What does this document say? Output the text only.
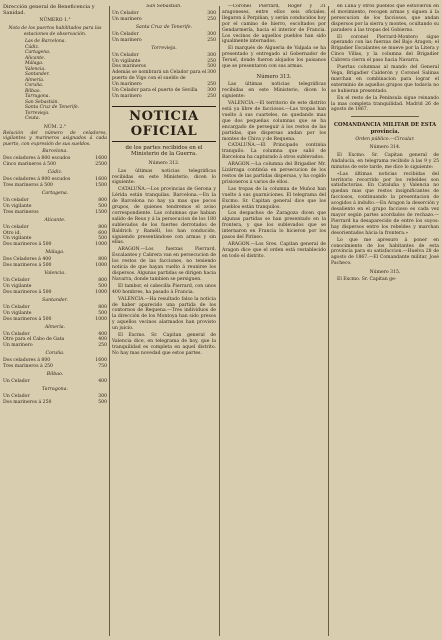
Dirección general de Beneficencia y Sanidad.
NÚMERO 1.°
Nota de los puertos habilitados para las estaciones de observación.
Las de Barcelona.
Cádiz.
Cartagena.
Alicante.
Málaga.
Valencia.
Santander.
Almería.
Coruña.
Bilbao.
Tarragona.
San Sebastián.
Santa Cruz de Tenerife.
Torrevieja.
Ceuta.
NÚM. 2.°
Relación del número de celadores, vigilantes y marineros asignados á cada puerto, con expresión de sus sueldos.
Barcelona.
Dos celadores á 800 escudos	1600
Cinco marineros á 500	2500
Cádiz.
Dos celadores á 800 escudos	1600
Tres marineros á 500	1500
Cartagena.
Un celador	800
Un vigilante	500
Tres marineros	1500
Alicante.
Un celador	800
Otro id.	600
Un vigilante	500
Dos marineros á 500	1000
Málaga.
Dos Celadores á 400	800
Dos marineros á 500	1000
Valencia.
Un Celador	800
Un vigilante	500
Dos marineros á 500	1000
Santander.
Un Celador	800
Un vigilante	500
Dos marineros á 500	1000
Almería.
Un Celador	400
Otro para el Cabo de Gata	400
Un marinero	250
Coruña.
Dos celadores á 800	1600
Tres marineros á 250	750
Bilbao.
Un Celador	400
Tarragona.
Un Celador	300
Dos marineros á 250	500
San Sebastián.
Un Celador	300
Un marinero	250
Santa Cruz de Tenerife.
Un Celador	300
Un marinero	250
Torrevieja.
Un Celador	300
Un vigilante	250
Dos marineros	500
Además se nombrará un Celador para el puerto de Vigo con el sueldo de
300
Un marinero	250
Un Celador para el puerto de Sevilla 300
Un marinero	250
NOTICIA OFICIAL
de los partes recibidos en el Ministerio de la Guerra.
Número 312.
Las últimas noticias telegráficas recibidas en este Ministerio, dicen lo siguiente:
CATALUÑA.—Los provincias de Gerona y Lérida están tranquilas. Barcelona.—En la de Barcelona no hay ya mas que pocos grupos, de quienes tendremos el aviso correspondiente. Las columnas que habian salido de Reus y á la persecucion de los 180 sublevados de los fuertes derrotados de Baldrich y Raméll, los han conducido, siguiendo presentándose con armas y sin ellas.
ARAGON.—Los fuerzas Pierrard, Escalantes y Cabrera van en persecucion de los restos de las facciones, no teniendo noticia de que hayan vuelto á reunirse los dispersos. Algunas partidas se dirigen hacia Navarra, donde tambien se persiguen.
El tambor, el cabecilla Pierrard, con unos 400 hombres, ha pasado á Francia.
VALENCIA.—Ha resultado falso la noticia de haber aparecido una partida de los contornos de Requena.—Tres individuos de la dirección de los Montoya han sido presos y aquellos vecinos alarmados han provisto un juicio.
El Excmo. Sr. Capitan general de Valencia dice, en telegrama de hoy, que la tranquilidad es completa en aquel distrito. No hay mas novedad que estos partes.
—Coronel Pierrard, Roger y 31 aragoneses, entre ellos seis oficiales, llegaron á Perpiñan, y serán conducidos hoy por el camino de hierro, escoltados por Gendarmería, hacia el interior de Francia. Los vecinos de aquellos pueblos han sido igualmente internados.
El marqués de Algueria de Valpala se ha presentado y entregado al Gobernador de Teruel, donde fueron alojados los paisanos que se presentaron con sus armas.
Número 313.
Las últimas noticias telegráficas recibidas en este Ministerio, dicen lo siguiente:
VALENCIA.—El territorio de este distrito está ya libre de facciosos.—Las tropas han vuelto á sus cuarteles, no quedando mas que dos pequeñas columnas que se ha encargado de perseguir á los restos de las partidas, que dispersas andan por los montes de Chiva y de Requena.
CATALUÑA.—El Principado continúa tranquilo. La columna que salió de Barcelona ha capturado á otros sublevados.
ARAGON.—La columna del Brigadier Mr. Lizárraga continúa en persecucion de los restos de las partidas dispersas, y ha cogido prisioneros á varios de ellos.
Las tropas de la columna de Muñoz han vuelto á sus guarniciones. El telegrama del Excmo. Sr. Capitan general dice que los pueblos están tranquilos.
Los despachos de Zaragoza dicen que algunas partidas se han presentado en la frontera, y que los sublevados que se internaron en Francia lo hicieron por los pasos del Pirineo.
ARAGON.—Los Sres. Capitan general de Aragon dice que el orden está restablecido en todo el distrito.
en Luna y otros pueblos que estuvieron en el movimiento, recogen armas y siguen á la persecucion de los facciosos, que andan dispersos por la sierra y montes, ocultando su paradero á las tropas del Gobierno.
El coronel Pierrard-Montero sigue operando con las fuerzas del Bajo Aragon; el Brigadier Escalantes se mueve por la Litera y Cinco Villas, y la columna del Brigadier Cabrera cierra el paso hacia Navarra.
Puertas columnas al mando del General Vega, Brigadier Calderón y Coronel Salinas marchan en combinacion para lograr el exterminio de aquellos grupos que todavía no se hubieran presentado.
En el resto de la Península sigue reinando la mas completa tranquilidad. Madrid 26 de agosto de 1867.
COMANDANCIA MILITAR DE ESTA provincia.
Orden público.—Circular.
Número 314.
El Excmo. Sr. Capitan general de Andalucía, en telegrama recibido á las 9 y 25 minutos de este tarde, me dice lo siguiente:
«Las últimas noticias recibidas del territorio recorrido por los rebeldes son satisfactorias. En Cataluña y Valencia no quedan mas que restos insignificantes de facciosos, continuando la presentacion de acogidos á indulto.—En Aragon la deserción y desaliento en el grupo faccioso es cada vez mayor según partes acordados de rechazo.—Pierrard ha desaparecido de entre los suyos: hay dispersos entre los rebeldes y marchan desorientados hácia la frontera.»
Lo que me apresuro á poner en conocimiento de los habitantes de esta provincia para su satisfaccion.—Huelva 28 de agosto de 1867.—El Comandante militar, José Pacheco.
Número 315.
El Excmo. Sr. Capitan ge-
